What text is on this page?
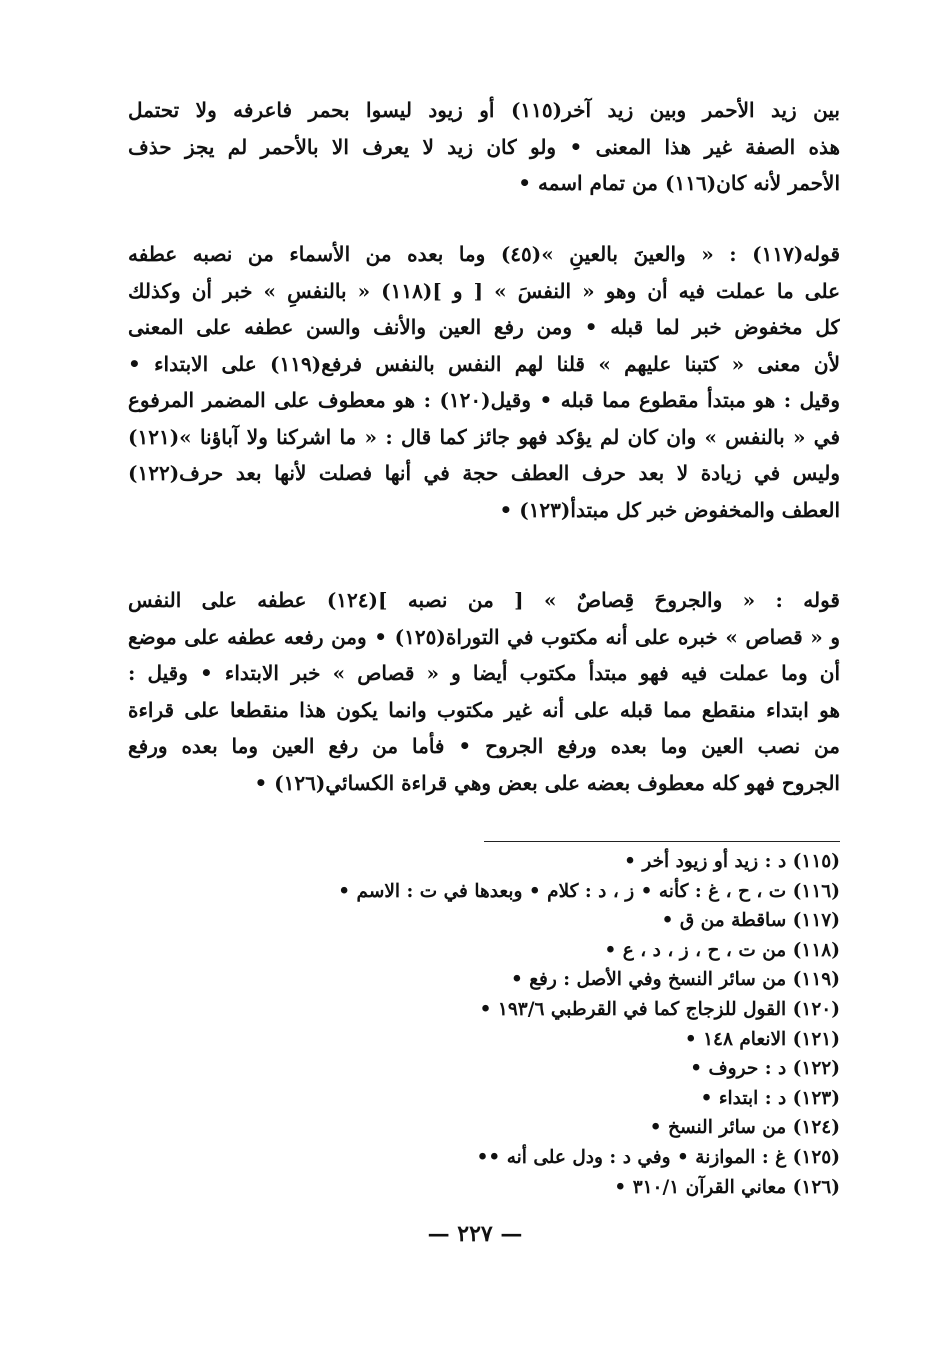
بين زيد الأحمر وبين زيد آخر(١١٥) أو زيود ليسوا بحمر فاعرفه ولا تحتمل
هذه الصفة غير هذا المعنى • ولو كان زيد لا يعرف الا بالأحمر لم يجز حذف
الأحمر لأنه كان(١١٦) من تمام اسمه •
قوله(١١٧) : « والعينَ بالعينِ »(٤٥) وما بعده من الأسماء من نصبه عطفه
على ما عملت فيه أن وهو « النفسَ » [ و ](١١٨) « بالنفسِ » خبر أن وكذلك
كل مخفوض خبر لما قبله • ومن رفع العين والأنف والسن عطفه على المعنى
لأن معنى « كتبنا عليهم » قلنا لهم النفس بالنفس فرفع(١١٩) على الابتداء •
وقيل : هو مبتدأ مقطوع مما قبله • وقيل(١٢٠) : هو معطوف على المضمر المرفوع
في « بالنفس » وان كان لم يؤكد فهو جائز كما قال : « ما اشركنا ولا آباؤنا »(١٢١)
وليس في زيادة لا بعد حرف العطف حجة في أنها فصلت لأنها بعد حرف(١٢٢)
العطف والمخفوض خبر كل مبتدأ(١٢٣) •
قوله : « والجروحَ قِصاصٌ » [ من نصبه ](١٢٤) عطفه على النفس
و « قصاص » خبره على أنه مكتوب في التوراة(١٢٥) • ومن رفعه عطفه على موضع
أن وما عملت فيه فهو مبتدأ مكتوب أيضا و « قصاص » خبر الابتداء • وقيل :
هو ابتداء منقطع مما قبله على أنه غير مكتوب وانما يكون هذا منقطعا على قراءة
من نصب العين وما بعده ورفع الجروح • فأما من رفع العين وما بعده ورفع
الجروح فهو كله معطوف بعضه على بعض وهي قراءة الكسائي(١٢٦) •
(١١٥) د : زيد أو زيود أخر •
(١١٦) ت ، ح ، غ : كأنه • ز ، د : كلام • وبعدها في ت : الاسم •
(١١٧) ساقطة من ق •
(١١٨) من ت ، ح ، ز ، د ، ع •
(١١٩) من سائر النسخ وفي الأصل : رفع •
(١٢٠) القول للزجاج كما في القرطبي ١٩٣/٦ •
(١٢١) الانعام ١٤٨ •
(١٢٢) د : حروف •
(١٢٣) د : ابتداء •
(١٢٤) من سائر النسخ •
(١٢٥) غ : الموازنة • وفي د : ودل على أنه ••
(١٢٦) معاني القرآن ٣١٠/١ •
— ٢٢٧ —
